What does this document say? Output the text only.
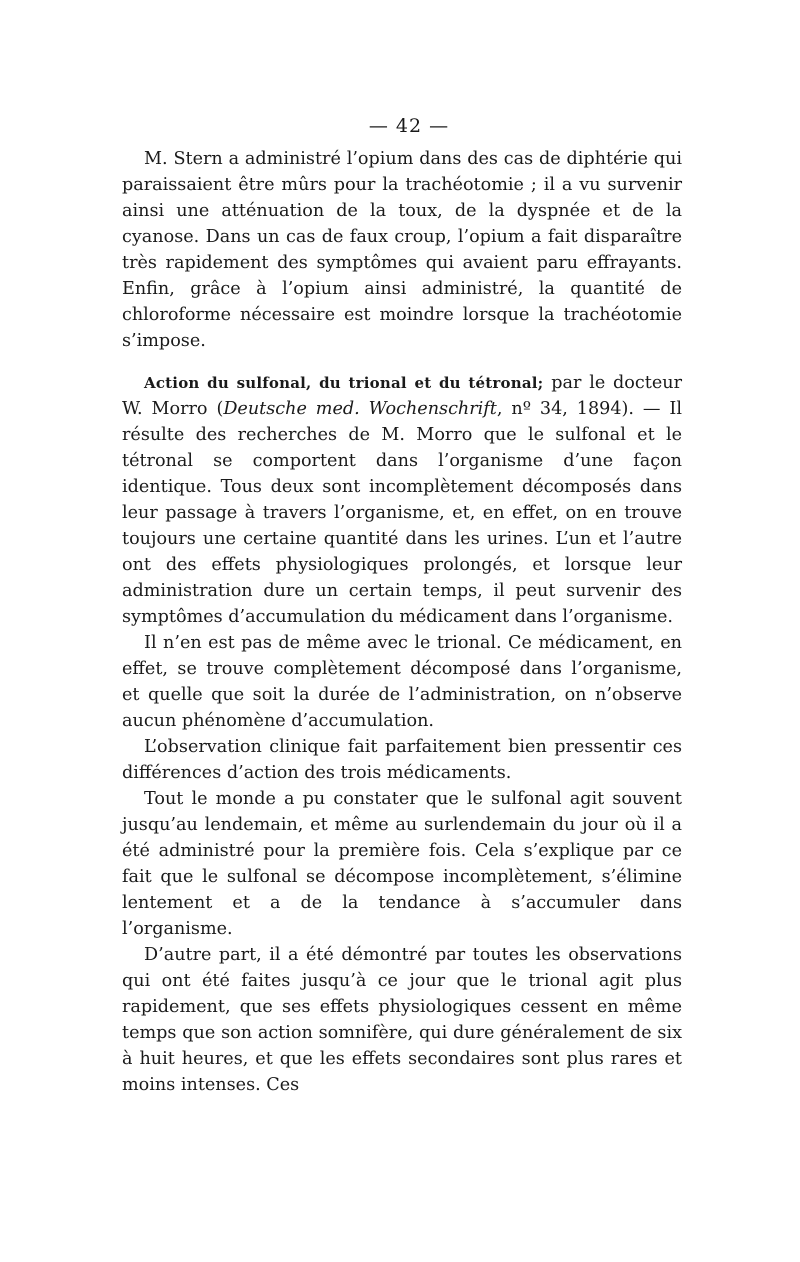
— 42 —

M. Stern a administré l’opium dans des cas de diphtérie qui paraissaient être mûrs pour la trachéotomie ; il a vu survenir ainsi une atténuation de la toux, de la dyspnée et de la cyanose. Dans un cas de faux croup, l’opium a fait disparaître très rapidement des symptômes qui avaient paru effrayants. Enfin, grâce à l’opium ainsi administré, la quantité de chloroforme nécessaire est moindre lorsque la trachéotomie s’impose.

Action du sulfonal, du trional et du tétronal; par le docteur W. Morro (Deutsche med. Wochenschrift, nº 34, 1894). — Il résulte des recherches de M. Morro que le sulfonal et le tétronal se comportent dans l’organisme d’une façon identique. Tous deux sont incomplètement décomposés dans leur passage à travers l’organisme, et, en effet, on en trouve toujours une certaine quantité dans les urines. L’un et l’autre ont des effets physiologiques prolongés, et lorsque leur administration dure un certain temps, il peut survenir des symptômes d’accumulation du médicament dans l’organisme.

Il n’en est pas de même avec le trional. Ce médicament, en effet, se trouve complètement décomposé dans l’organisme, et quelle que soit la durée de l’administration, on n’observe aucun phénomène d’accumulation.

L’observation clinique fait parfaitement bien pressentir ces différences d’action des trois médicaments.

Tout le monde a pu constater que le sulfonal agit souvent jusqu’au lendemain, et même au surlendemain du jour où il a été administré pour la première fois. Cela s’explique par ce fait que le sulfonal se décompose incomplètement, s’élimine lentement et a de la tendance à s’accumuler dans l’organisme.

D’autre part, il a été démontré par toutes les observations qui ont été faites jusqu’à ce jour que le trional agit plus rapidement, que ses effets physiologiques cessent en même temps que son action somnifère, qui dure généralement de six à huit heures, et que les effets secondaires sont plus rares et moins intenses. Ces
